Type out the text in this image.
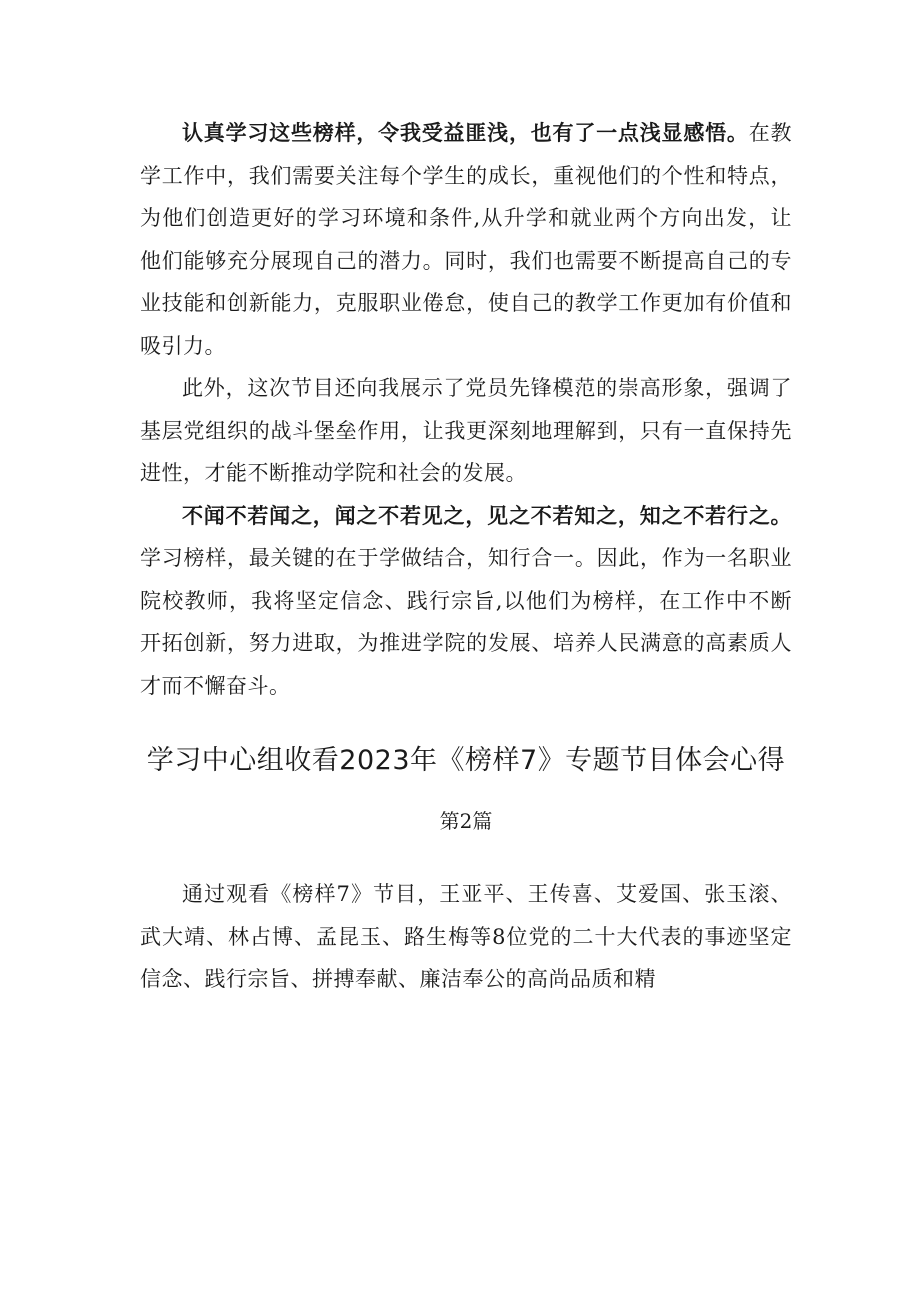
认真学习这些榜样，令我受益匪浅，也有了一点浅显感悟。在教学工作中，我们需要关注每个学生的成长，重视他们的个性和特点，为他们创造更好的学习环境和条件,从升学和就业两个方向出发，让他们能够充分展现自己的潜力。同时，我们也需要不断提高自己的专业技能和创新能力，克服职业倦怠，使自己的教学工作更加有价值和吸引力。

此外，这次节目还向我展示了党员先锋模范的崇高形象，强调了基层党组织的战斗堡垒作用，让我更深刻地理解到，只有一直保持先进性，才能不断推动学院和社会的发展。

不闻不若闻之，闻之不若见之，见之不若知之，知之不若行之。学习榜样，最关键的在于学做结合，知行合一。因此，作为一名职业院校教师，我将坚定信念、践行宗旨,以他们为榜样，在工作中不断开拓创新，努力进取，为推进学院的发展、培养人民满意的高素质人才而不懈奋斗。

学习中心组收看2023年《榜样7》专题节目体会心得
第2篇

通过观看《榜样7》节目，王亚平、王传喜、艾爱国、张玉滚、武大靖、林占博、孟昆玉、路生梅等8位党的二十大代表的事迹坚定信念、践行宗旨、拼搏奉献、廉洁奉公的高尚品质和精
